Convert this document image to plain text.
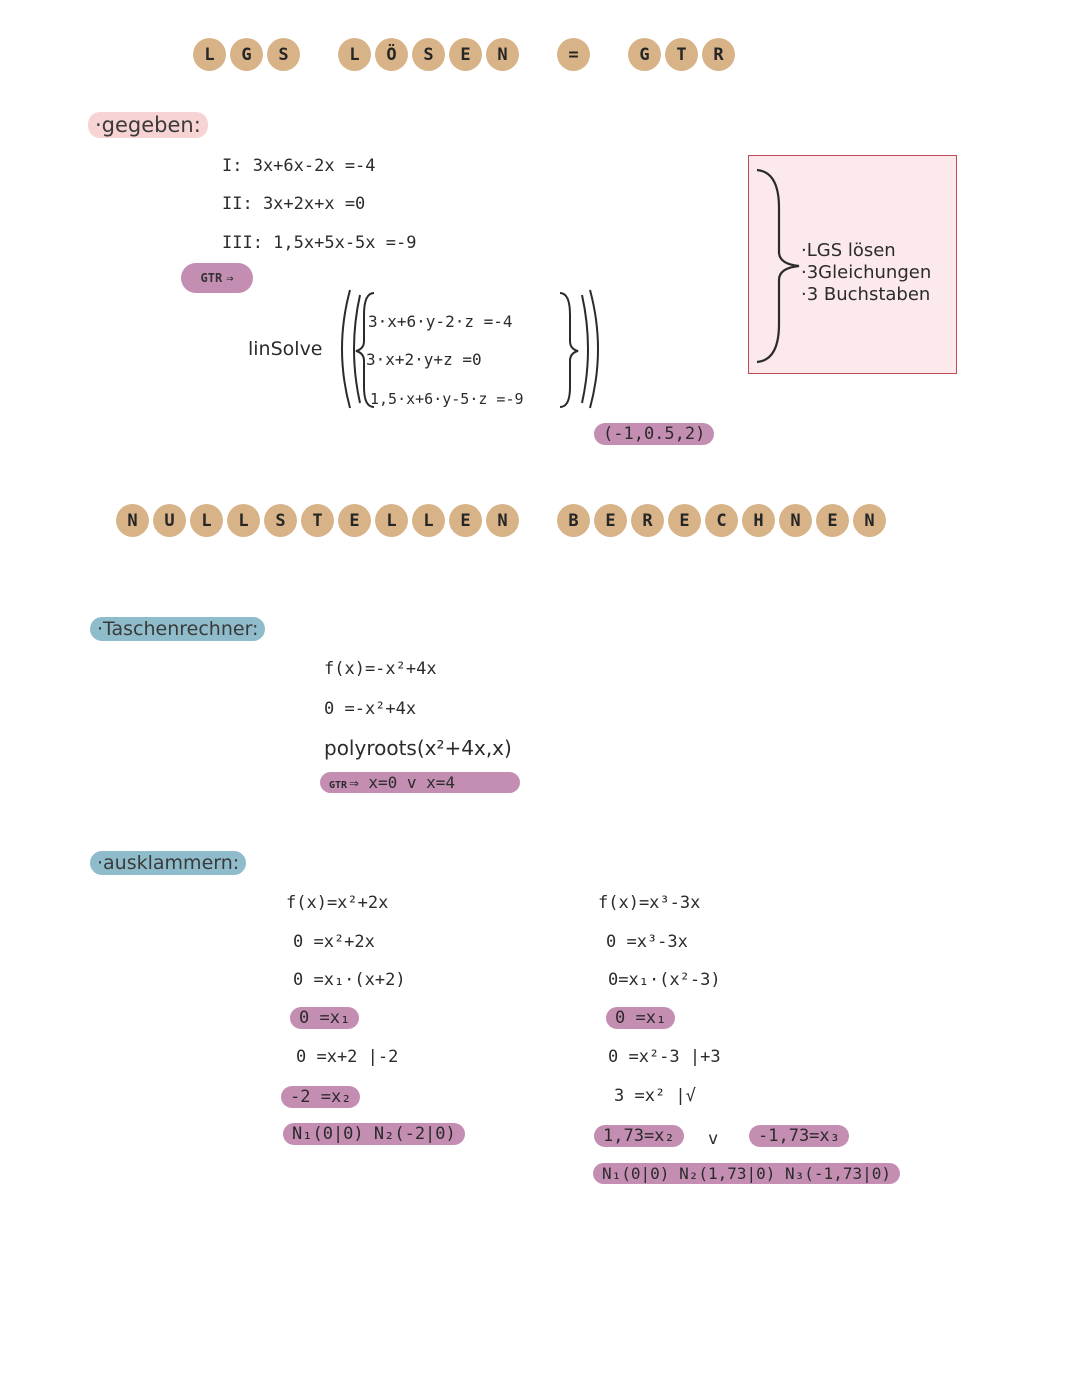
L	G	S	L	Ö	S	E	N	=	G	T	R
·gegeben:
I: 3x+6x-2x =-4
II: 3x+2x+x =0
III: 1,5x+5x-5x =-9
GTR ⇒
linSolve
3·x+6·y-2·z =-4
3·x+2·y+z =0
1,5·x+6·y-5·z =-9
(-1,0.5,2)
·LGS lösen
·3Gleichungen
·3 Buchstaben
N	U	L	L	S	T	E	L	L	E	N	B	E	R	E	C	H	N	E	N
·Taschenrechner:
f(x)=-x²+4x
0 =-x²+4x
polyroots(x²+4x,x)
GTR ⇒ x=0 v x=4
·ausklammern:
f(x)=x²+2x
0 =x²+2x
0 =x₁·(x+2)
0 =x₁
0 =x+2 |-2
-2 =x₂
N₁(0|0) N₂(-2|0)
f(x)=x³-3x
0 =x³-3x
0=x₁·(x²-3)
0 =x₁
0 =x²-3 |+3
3 =x² |√
1,73=x₂	v	-1,73=x₃
N₁(0|0) N₂(1,73|0) N₃(-1,73|0)
